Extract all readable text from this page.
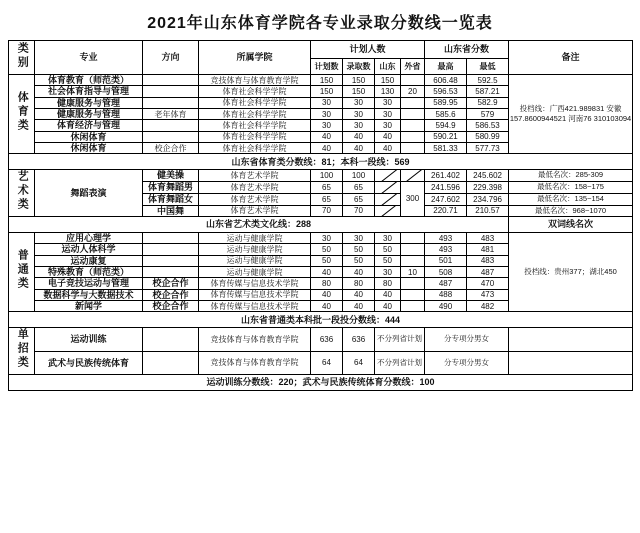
2021年山东体育学院各专业录取分数线一览表
类别	专业	方向	所属学院	计划人数				山东省分数		备注
				计划数	录取数	山东	外省	最高	最低	
体育类	体育教育（师范类）		竞技体育与体育教育学院	150	150	150		606.48	592.5	投档线：广西421.989831 安徽157.8600944521 河南76 310103094
	社会体育指导与管理		体育社会科学学院	150	150	130	20	596.53	587.21	
	健康服务与管理		体育社会科学学院	30	30	30		589.95	582.9	
	健康服务与管理	老年体育	体育社会科学学院	30	30	30		585.6	579	
	体育经济与管理		体育社会科学学院	30	30	30		594.9	586.53	
	休闲体育		体育社会科学学院	40	40	40		590.21	580.99	
	休闲体育	校企合作	体育社会科学学院	40	40	40		581.33	577.73	
山东省体育类分数线：81；本科一段线：569										
艺术类	舞蹈表演	健美操	体育艺术学院	100	100			261.402	245.602	最低名次：285-309
		体育舞蹈男	体育艺术学院	65	65		300	241.596	229.398	最低名次：158~175
		体育舞蹈女	体育艺术学院	65	65			247.602	234.796	最低名次：135~154
		中国舞	体育艺术学院	70	70			220.71	210.57	最低名次：968~1070
山东省艺术类文化线：288										双词线名次
普通类	应用心理学		运动与健康学院	30	30	30		493	483	投档线：贵州377；湖北450
	运动人体科学		运动与健康学院	50	50	50		493	481	
	运动康复		运动与健康学院	50	50	50		501	483	
	特殊教育（师范类）		运动与健康学院	40	40	30	10	508	487	
	电子竞技运动与管理	校企合作	体育传媒与信息技术学院	80	80	80		487	470	
	数据科学与大数据技术	校企合作	体育传媒与信息技术学院	40	40	40		488	473	
	新闻学	校企合作	体育传媒与信息技术学院	40	40	40		490	482	
山东省普通类本科批一段投分数线：444										
单招类	运动训练		竞技体育与体育教育学院	636	636	不分列省计划		分专项分男女		
	武术与民族传统体育		竞技体育与体育教育学院	64	64	不分列省计划		分专项分男女		
运动训练分数线：220；武术与民族传统体育分数线：100										
